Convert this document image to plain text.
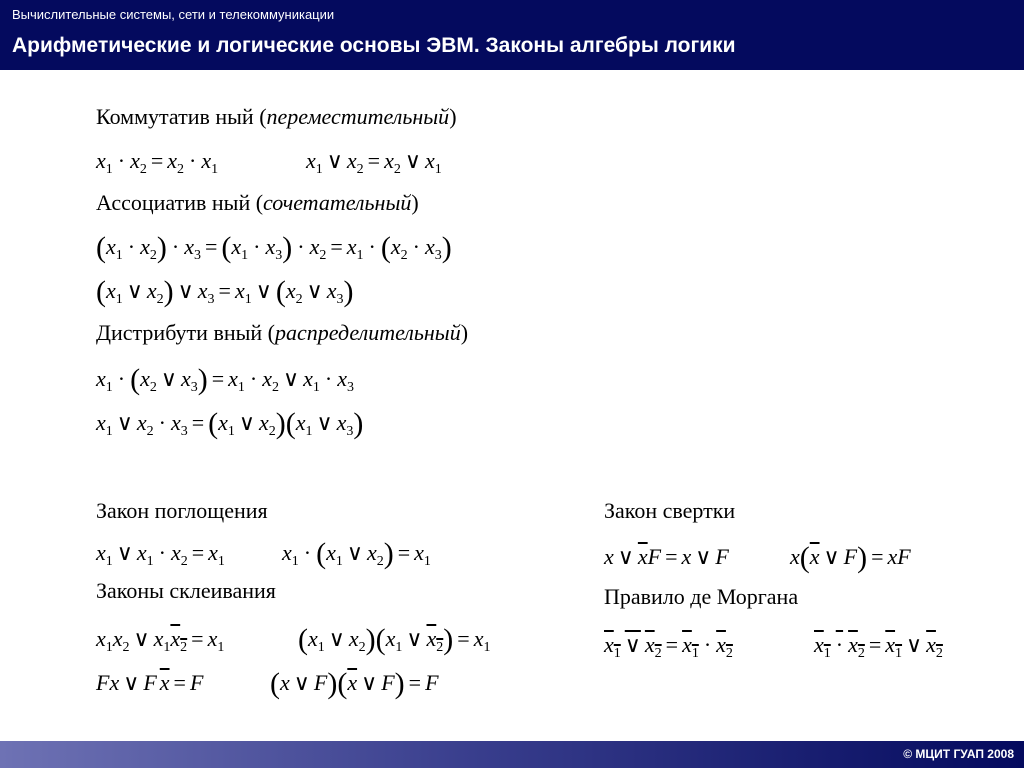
Вычислительные системы, сети и телекоммуникации
Арифметические и логические основы ЭВМ. Законы алгебры логики
Коммутатив ный (переместительный)
$x_1 \cdot x_2 = x_2 \cdot x_1$	$x_1$ ∨ $x_2 = x_2$ ∨ $x_1$
Ассоциатив ный (сочетательный)
$(x_1 \cdot x_2) \cdot x_3 = (x_1 \cdot x_3) \cdot x_2 = x_1 \cdot (x_2 \cdot x_3)$
($x_1$ ∨ $x_2$) ∨ $x_3 = x_1$ ∨ ($x_2$ ∨ $x_3$)
Дистрибути вный (распределительный)
$x_1 \cdot (x_2$ ∨ $x_3) = x_1 \cdot x_2$ ∨ $x_1 \cdot x_3$
$x_1$ ∨ $x_2 \cdot x_3 = (x_1$ ∨ $x_2)(x_1$ ∨ $x_3$)
Закон поглощения
$x_1$ ∨ $x_1 \cdot x_2 = x_1$	$x_1 \cdot (x_1$ ∨ $x_2) = x_1$
Законы склеивания
$x_1x_2$ ∨ $x_1x_2 = x_1$ ($x_1$ ∨ $x_2)(x_1$ ∨ $x_2) = x_1$
Fx ∨ F $\overline{x} = F$ (x ∨ $F)(\overline{x}$ ∨ F) = F
Закон свертки
x ∨ $\overline{x}F = x$ ∨ F	$x(\overline{x}$ ∨ F) = xF
Правило де Моргана
$x_1$ ∨ $x_2 = x_1 \cdot x_2$	$x_1 \cdot x_2 = x_1$ ∨ $x_2$
© МЦИТ ГУАП 2008
